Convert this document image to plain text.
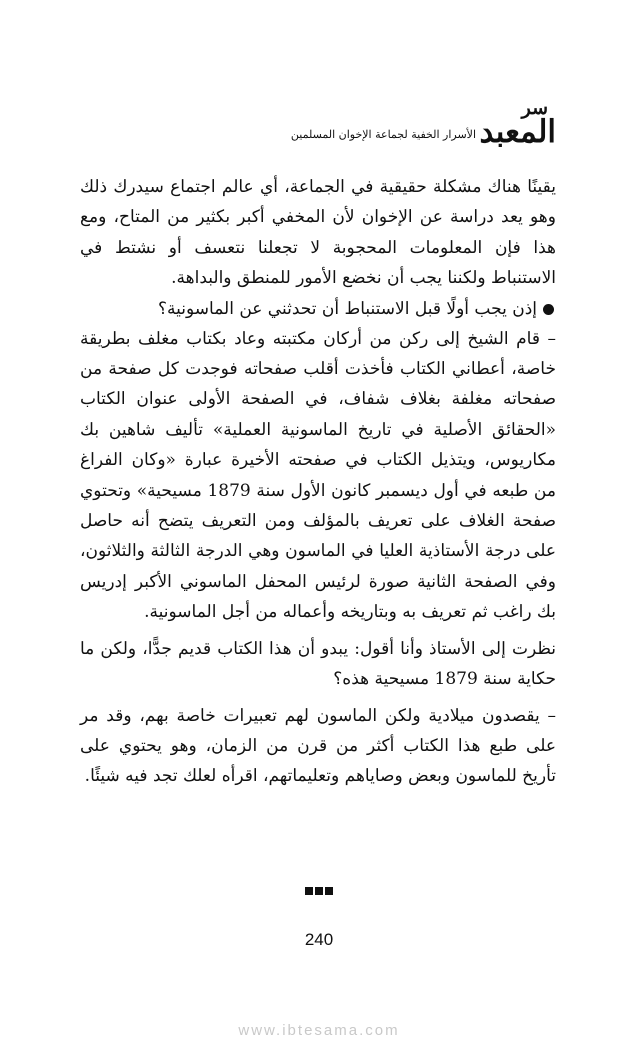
سر
المعبد
الأسرار الخفية لجماعة الإخوان المسلمين

يقينًا هناك مشكلة حقيقية في الجماعة، أي عالم اجتماع سيدرك ذلك وهو يعد دراسة عن الإخوان لأن المخفي أكبر بكثير من المتاح، ومع هذا فإن المعلومات المحجوبة لا تجعلنا نتعسف أو نشتط في الاستنباط ولكننا يجب أن نخضع الأمور للمنطق والبداهة.

إذن يجب أولًا قبل الاستنباط أن تحدثني عن الماسونية؟

– قام الشيخ إلى ركن من أركان مكتبته وعاد بكتاب مغلف بطريقة خاصة، أعطاني الكتاب فأخذت أقلب صفحاته فوجدت كل صفحة من صفحاته مغلفة بغلاف شفاف، في الصفحة الأولى عنوان الكتاب «الحقائق الأصلية في تاريخ الماسونية العملية» تأليف شاهين بك مكاريوس، ويتذيل الكتاب في صفحته الأخيرة عبارة «وكان الفراغ من طبعه في أول ديسمبر كانون الأول سنة 1879 مسيحية» وتحتوي صفحة الغلاف على تعريف بالمؤلف ومن التعريف يتضح أنه حاصل على درجة الأستاذية العليا في الماسون وهي الدرجة الثالثة والثلاثون، وفي الصفحة الثانية صورة لرئيس المحفل الماسوني الأكبر إدريس بك راغب ثم تعريف به وبتاريخه وأعماله من أجل الماسونية.

نظرت إلى الأستاذ وأنا أقول: يبدو أن هذا الكتاب قديم جدًّا، ولكن ما حكاية سنة 1879 مسيحية هذه؟

– يقصدون ميلادية ولكن الماسون لهم تعبيرات خاصة بهم، وقد مر على طبع هذا الكتاب أكثر من قرن من الزمان، وهو يحتوي على تأريخ للماسون وبعض وصاياهم وتعليماتهم، اقرأه لعلك تجد فيه شيئًا.

240
www.ibtesama.com
